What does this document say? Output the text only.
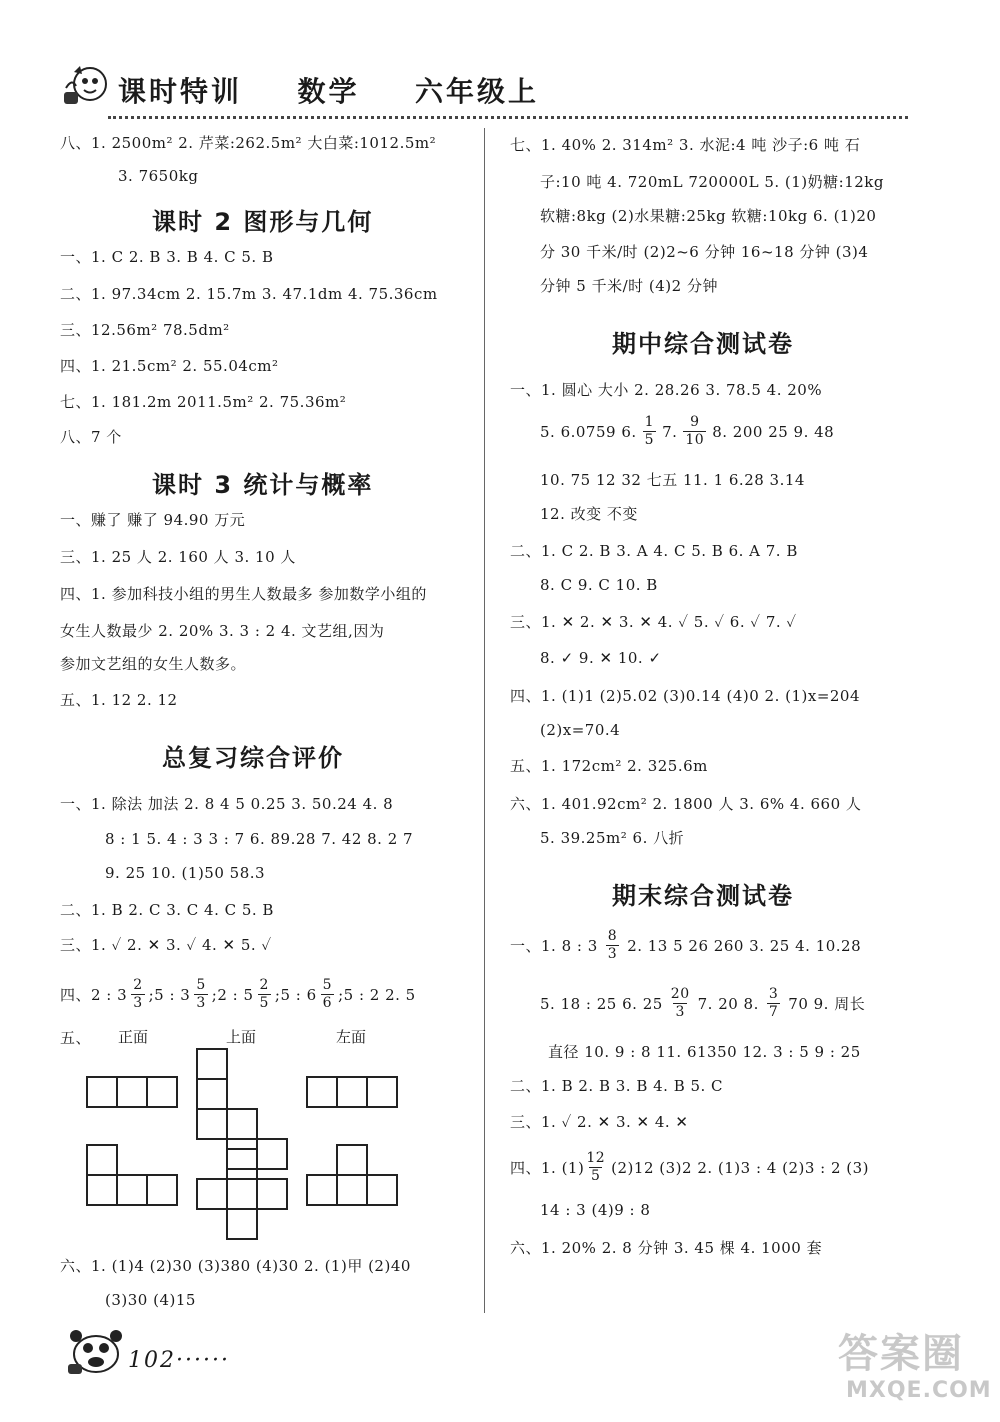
课时特训 数学 六年级上
八、1. 2500m² 2. 芹菜:262.5m² 大白菜:1012.5m²
3. 7650kg
课时 2 图形与几何
一、1. C 2. B 3. B 4. C 5. B
二、1. 97.34cm 2. 15.7m 3. 47.1dm 4. 75.36cm
三、12.56m² 78.5dm²
四、1. 21.5cm² 2. 55.04cm²
七、1. 181.2m 2011.5m² 2. 75.36m²
八、7 个
课时 3 统计与概率
一、赚了 赚了 94.90 万元
三、1. 25 人 2. 160 人 3. 10 人
四、1. 参加科技小组的男生人数最多 参加数学小组的
女生人数最少 2. 20% 3. 3 : 2 4. 文艺组,因为
参加文艺组的女生人数多。
五、1. 12 2. 12
总复习综合评价
一、1. 除法 加法 2. 8 4 5 0.25 3. 50.24 4. 8
8 : 1 5. 4 : 3 3 : 7 6. 89.28 7. 42 8. 2 7
9. 25 10. (1)50 58.3
二、1. B 2. C 3. C 4. C 5. B
三、1. ✓ 2. ✕ 3. ✓ 4. ✕ 5. ✓
四、2 : $3 \frac{2}{3}$ ;5 : $3 \frac{5}{3}$ ;2 : $5 \frac{2}{5}$ ;5 : $6 \frac{5}{6}$ ;5 : 2 2. 5
五、 正面	上面	左面
六、1. (1)4 (2)30 (3)380 (4)30 2. (1)甲 (2)40
(3)30 (4)15
102······
七、1. 40% 2. 314m² 3. 水泥:4 吨 沙子:6 吨 石
子:10 吨 4. 720mL 720000L 5. (1)奶糖:12kg
软糖:8kg (2)水果糖:25kg 软糖:10kg 6. (1)20
分 30 千米/时 (2)2~6 分钟 16~18 分钟 (3)4
分钟 5 千米/时 (4)2 分钟
期中综合测试卷
一、1. 圆心 大小 2. 28.26 3. 78.5 4. 20%
5. 6.0759 6. $\frac{1}{5} 7$. $\frac{9}{10} 8$. 200 25 9. 48
10. 75 12 32 七五 11. 1 6.28 3.14
12. 改变 不变
二、1. C 2. B 3. A 4. C 5. B 6. A 7. B
8. C 9. C 10. B
三、1. ✕ 2. ✕ 3. ✕ 4. ✓ 5. ✓ 6. ✓ 7. ✓
8. ✓ 9. ✕ 10. ✓
四、1. (1)1 (2)5.02 (3)0.14 (4)0 2. (1)x=204
(2)x=70.4
五、1. 172cm² 2. 325.6m
六、1. 401.92cm² 2. 1800 人 3. 6% 4. 660 人
5. 39.25m² 6. 八折
期末综合测试卷
一、1. 8 : $3 \frac{8}{3} 2$. 13 5 26 260 3. 25 4. 10.28
5. 18 : 25 6. $25 \frac{20}{3} 7$. 20 8. $\frac{3}{7} 70$ 9. 周长
直径 10. 9 : 8 11. 61350 12. 3 : 5 9 : 25
二、1. B 2. B 3. B 4. B 5. C
三、1. ✓ 2. ✕ 3. ✕ 4. ✕
四、1. $(1) \frac{12}{5} (2)12$ (3)2 2. (1)3 : 4 (2)3 : 2 (3)
14 : 3 (4)9 : 8
六、1. 20% 2. 8 分钟 3. 45 棵 4. 1000 套
答案圈
MXQE.COM
